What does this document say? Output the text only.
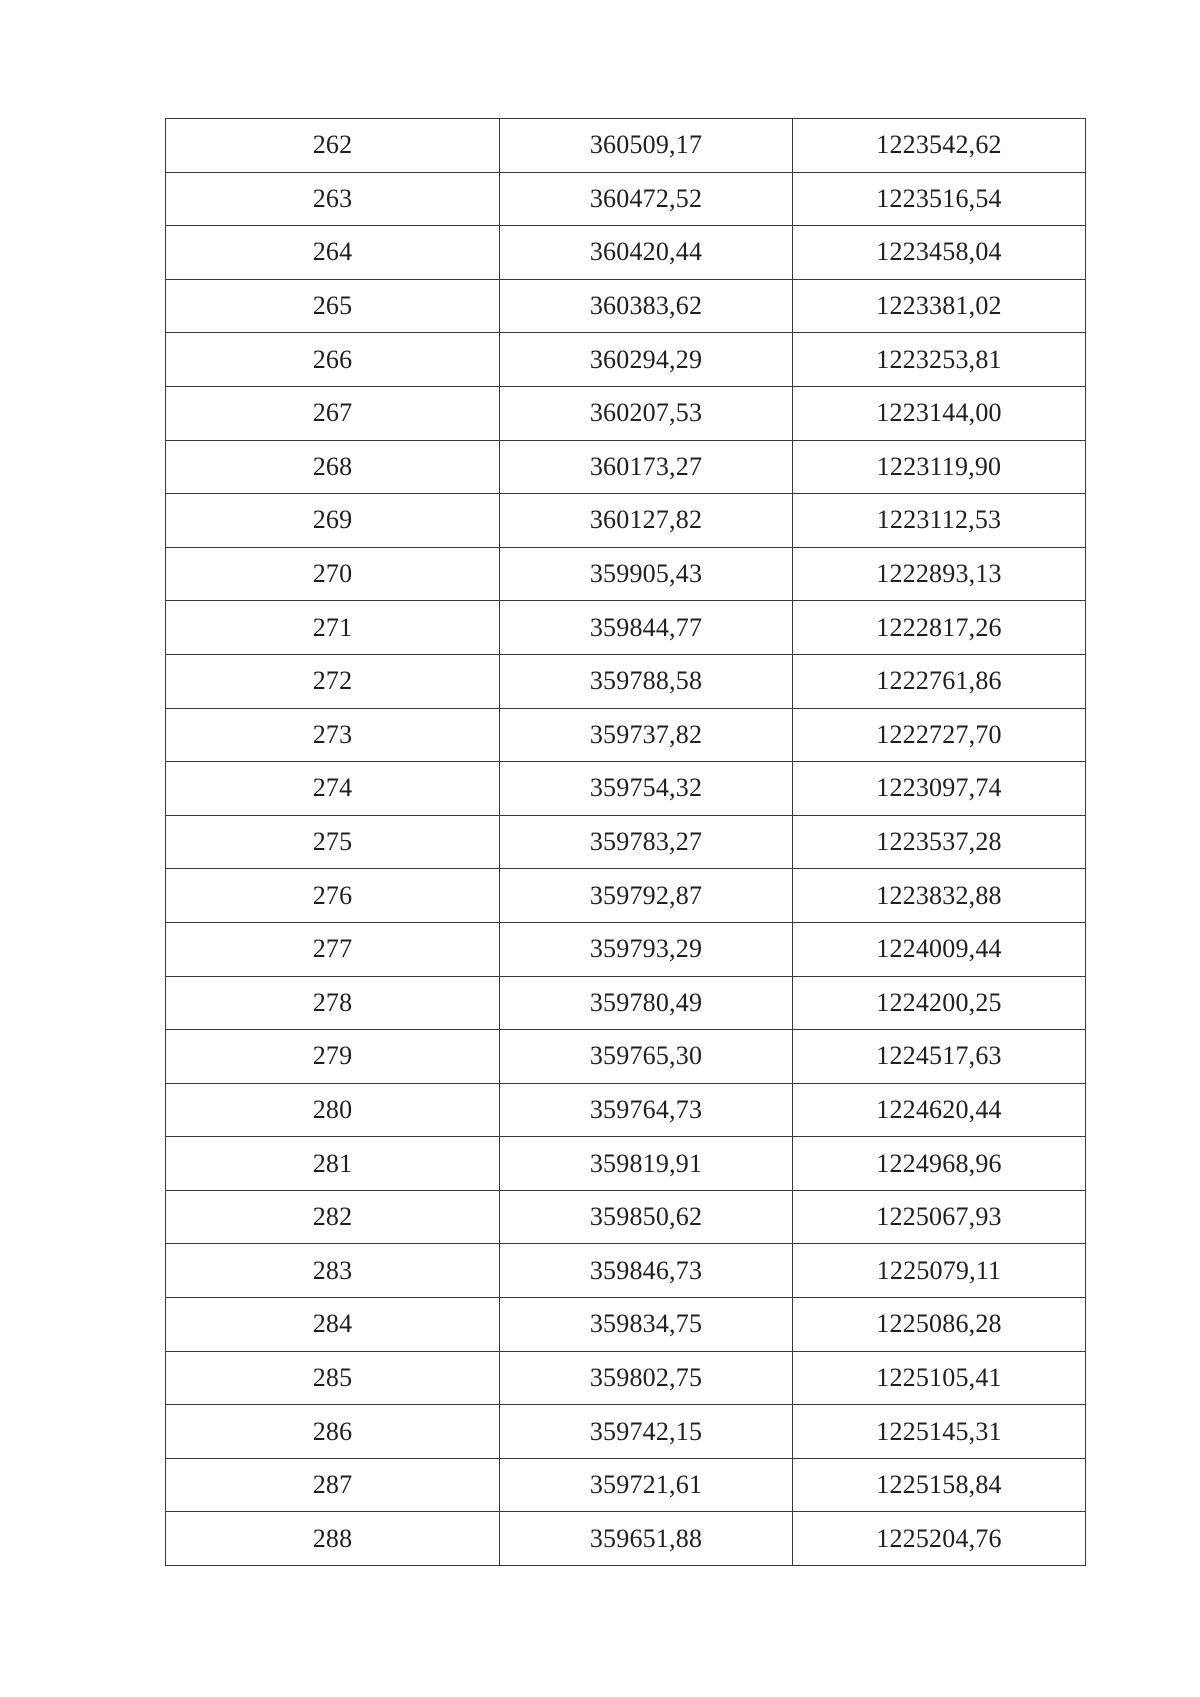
262	360509,17	1223542,62
263	360472,52	1223516,54
264	360420,44	1223458,04
265	360383,62	1223381,02
266	360294,29	1223253,81
267	360207,53	1223144,00
268	360173,27	1223119,90
269	360127,82	1223112,53
270	359905,43	1222893,13
271	359844,77	1222817,26
272	359788,58	1222761,86
273	359737,82	1222727,70
274	359754,32	1223097,74
275	359783,27	1223537,28
276	359792,87	1223832,88
277	359793,29	1224009,44
278	359780,49	1224200,25
279	359765,30	1224517,63
280	359764,73	1224620,44
281	359819,91	1224968,96
282	359850,62	1225067,93
283	359846,73	1225079,11
284	359834,75	1225086,28
285	359802,75	1225105,41
286	359742,15	1225145,31
287	359721,61	1225158,84
288	359651,88	1225204,76
